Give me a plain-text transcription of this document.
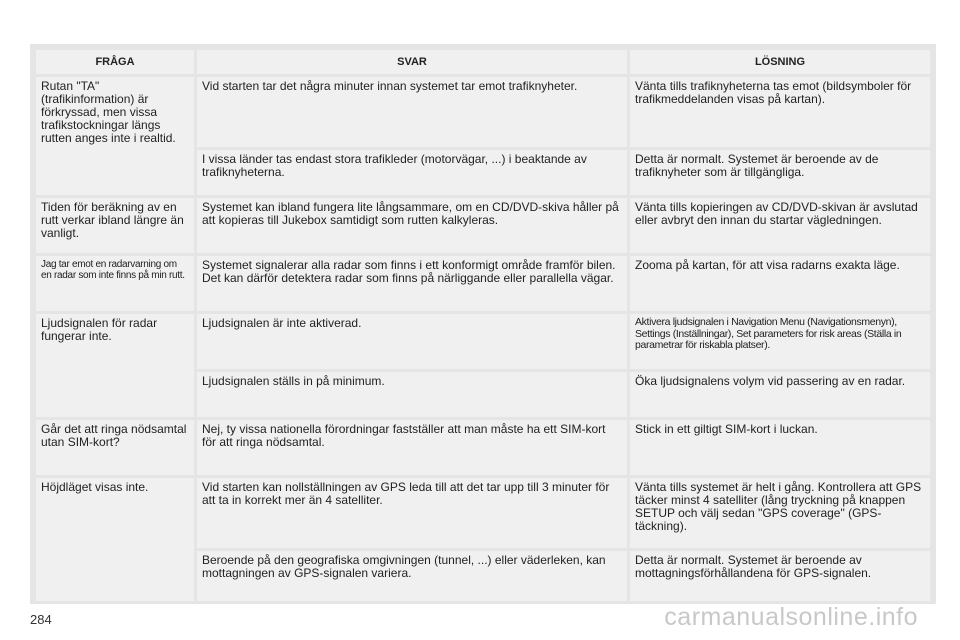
FRÅGA	SVAR	LÖSNING
Rutan "TA" (trafikinformation) är förkryssad, men vissa trafikstockningar längs rutten anges inte i realtid.	Vid starten tar det några minuter innan systemet tar emot trafiknyheter.	Vänta tills trafiknyheterna tas emot (bildsymboler för trafikmeddelanden visas på kartan).
	I vissa länder tas endast stora trafikleder (motorvägar, ...) i beaktande av trafiknyheterna.	Detta är normalt. Systemet är beroende av de trafiknyheter som är tillgängliga.
Tiden för beräkning av en rutt verkar ibland längre än vanligt.	Systemet kan ibland fungera lite långsammare, om en CD/DVD-skiva håller på att kopieras till Jukebox samtidigt som rutten kalkyleras.	Vänta tills kopieringen av CD/DVD-skivan är avslutad eller avbryt den innan du startar vägledningen.
Jag tar emot en radarvarning om en radar som inte finns på min rutt.	Systemet signalerar alla radar som finns i ett konformigt område framför bilen. Det kan därför detektera radar som finns på närliggande eller parallella vägar.	Zooma på kartan, för att visa radarns exakta läge.
Ljudsignalen för radar fungerar inte.	Ljudsignalen är inte aktiverad.	Aktivera ljudsignalen i Navigation Menu (Navigationsmenyn), Settings (Inställningar), Set parameters for risk areas (Ställa in parametrar för riskabla platser).
	Ljudsignalen ställs in på minimum.	Öka ljudsignalens volym vid passering av en radar.
Går det att ringa nödsamtal utan SIM-kort?	Nej, ty vissa nationella förordningar fastställer att man måste ha ett SIM-kort för att ringa nödsamtal.	Stick in ett giltigt SIM-kort i luckan.
Höjdläget visas inte.	Vid starten kan nollställningen av GPS leda till att det tar upp till 3 minuter för att ta in korrekt mer än 4 satelliter.	Vänta tills systemet är helt i gång. Kontrollera att GPS täcker minst 4 satelliter (lång tryckning på knappen SETUP och välj sedan "GPS coverage" (GPS-täckning).
	Beroende på den geografiska omgivningen (tunnel, ...) eller väderleken, kan mottagningen av GPS-signalen variera.	Detta är normalt. Systemet är beroende av mottagningsförhållandena för GPS-signalen.
284	carmanualsonline.info
